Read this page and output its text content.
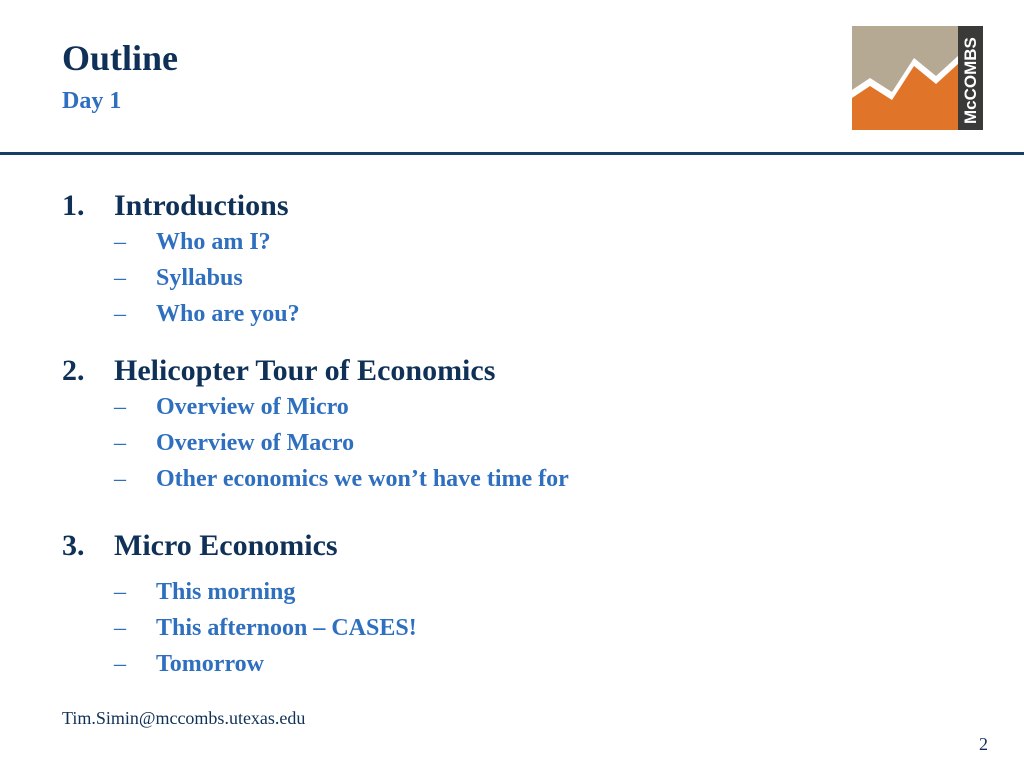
Outline
Day 1	McCOMBS
1. Introductions
– Who am I?
– Syllabus
– Who are you?
2. Helicopter Tour of Economics
– Overview of Micro
– Overview of Macro
– Other economics we won’t have time for
3. Micro Economics
– This morning
– This afternoon – CASES!
– Tomorrow
Tim.Simin@mccombs.utexas.edu
2
